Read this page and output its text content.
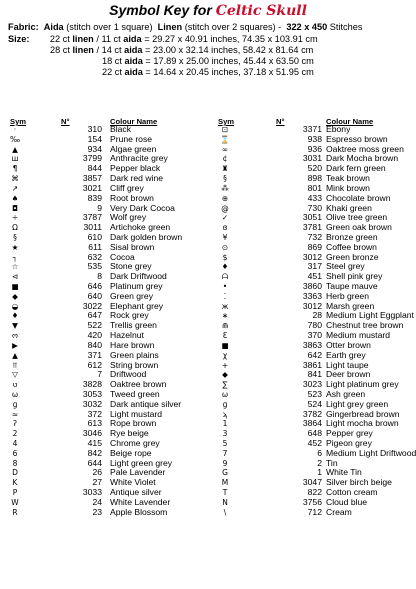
Symbol Key for Celtic Skull
Fabric: Aida (stitch over 1 square) Linen (stitch over 2 squares) - 322 x 450 Stitches
Size: 22 ct linen / 11 ct aida = 29.27 x 40.91 inches, 74.35 x 103.91 cm
28 ct linen / 14 ct aida = 23.00 x 32.14 inches, 58.42 x 81.64 cm
18 ct aida = 17.89 x 25.00 inches, 45.44 x 63.50 cm
22 ct aida = 14.64 x 20.45 inches, 37.18 x 51.95 cm
Sym	N°	Colour Name	Sym	N°	Colour Name
·	310 Black
‰	154 Prune rose
▲	934 Algae green
ш	3799 Anthracite grey
¶	844 Pepper black
⌘	3857 Dark red wine
↗	3021 Cliff grey
♠	839 Root brown
◘	9 Very Dark Cocoa
÷	3787 Wolf grey
Ω	3011 Artichoke green
§	610 Dark golden brown
★	611 Sisal brown
┐	632 Cocoa
☆	535 Stone grey
⊲	8 Dark Driftwood
■	646 Platinum grey
◆	640 Green grey
◒	3022 Elephant grey
♦	647 Rock grey
▼	522 Trellis green
ო	420 Hazelnut
▶	840 Hare brown
▲	371 Green plains
⫪	612 String brown
▽	7 Driftwood
ט	3828 Oaktree brown
ω	3053 Tweed green
ɡ	3032 Dark antique silver
≈	372 Light mustard
ʔ	613 Rope brown
2	3046 Rye beige
4	415 Chrome grey
6	842 Beige rope
8	644 Light green grey
D	26 Pale Lavender
K	27 White Violet
P	3033 Antique silver
W	24 White Lavender
R	23 Apple Blossom
⊡	3371 Ebony
⌛	938 Espresso brown
∞	936 Oaktree moss green
¢	3031 Dark Mocha brown
♜	520 Dark fern green
§	898 Teak brown
⁂	801 Mink brown
⊕	433 Chocolate brown
@	730 Khaki green
✓	3051 Olive tree green
ɞ	3781 Green oak brown
¥	732 Bronze green
⊙	869 Coffee brown
$	3012 Green bronze
♦	317 Steel grey
ᗩ	451 Shell pink grey
•	3860 Taupe mauve
⁚	3363 Herb green
ж	3012 Marsh green
∗	28 Medium Light Eggplant
⋒	780 Chestnut tree brown
Ɛ	370 Medium mustard
■	3863 Otter brown
χ	642 Earth grey
+	3861 Light taupe
◆	841 Deer brown
∑	3023 Light platinum grey
ω	523 Ash green
ɡ	524 Light grey green
ϡ	3782 Gingerbread brown
1	3864 Light mocha brown
3	648 Pepper grey
5	452 Pigeon grey
7	6 Medium Light Driftwood
9	2 Tin
G	1 White Tin
M	3047 Silver birch beige
T	822 Cotton cream
N	3756 Cloud blue
\	712 Cream
